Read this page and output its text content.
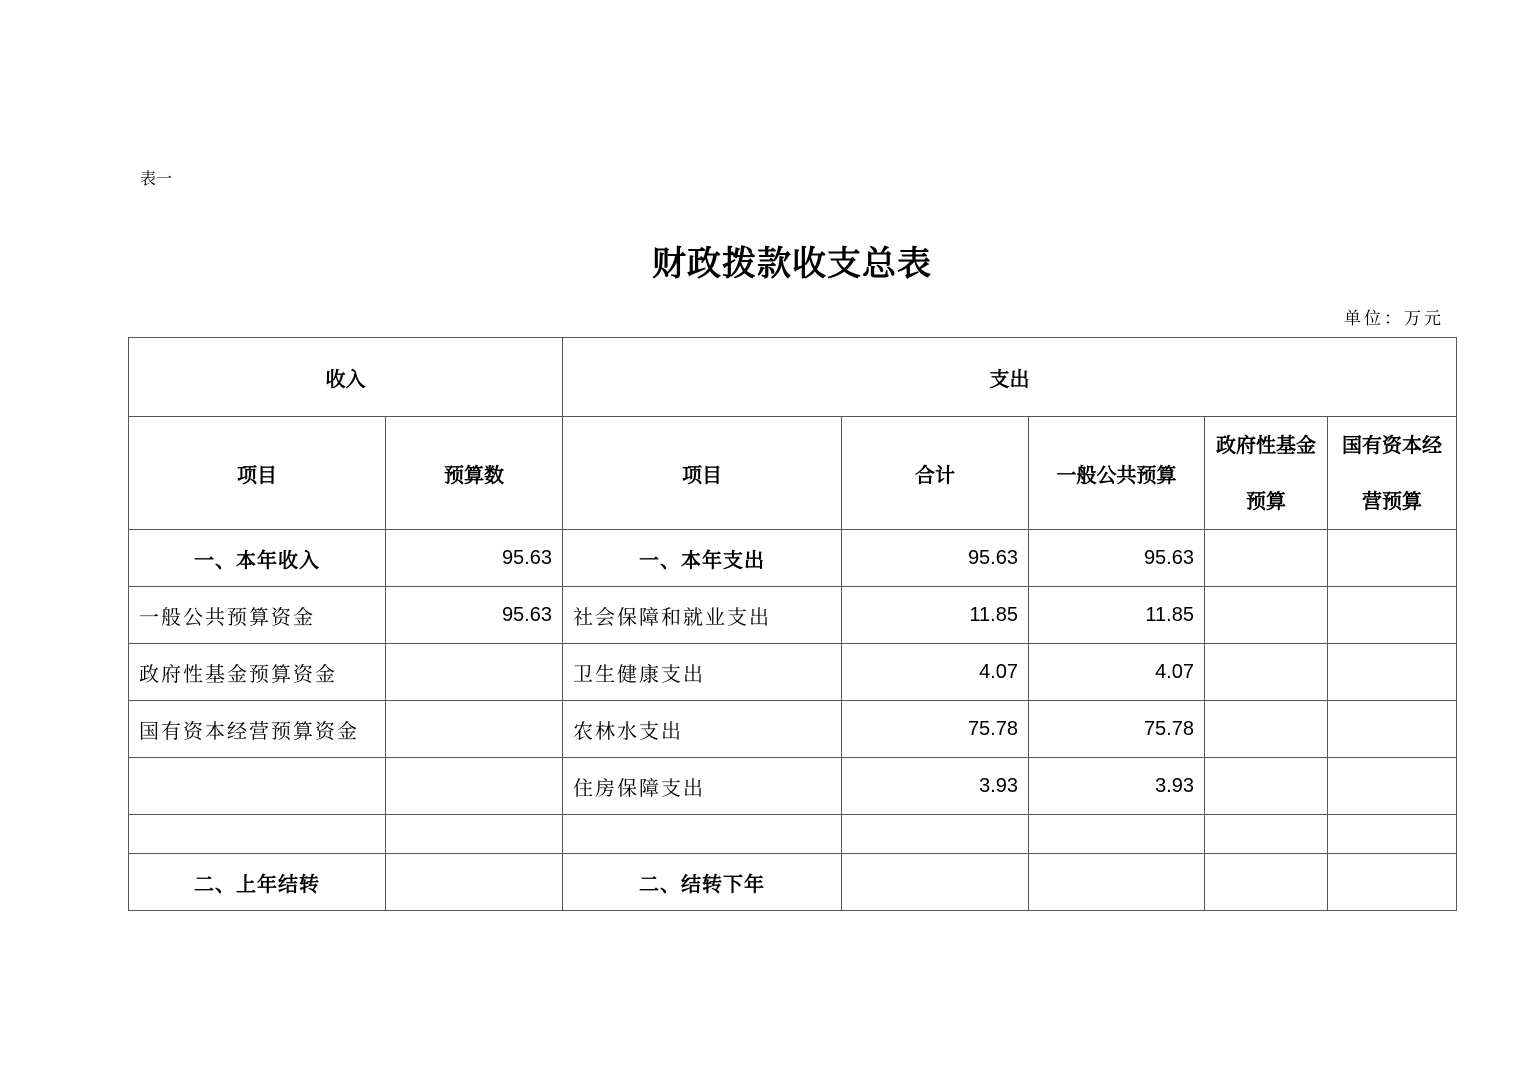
表一
财政拨款收支总表
单位：万元
收入		支出				
项目	预算数	项目	合计	一般公共预算	政府性基金预算	国有资本经营预算
一、本年收入	95.63	一、本年支出	95.63	95.63		
一般公共预算资金	95.63	社会保障和就业支出	11.85	11.85		
政府性基金预算资金		卫生健康支出	4.07	4.07		
国有资本经营预算资金		农林水支出	75.78	75.78		
		住房保障支出	3.93	3.93		

二、上年结转		二、结转下年				
